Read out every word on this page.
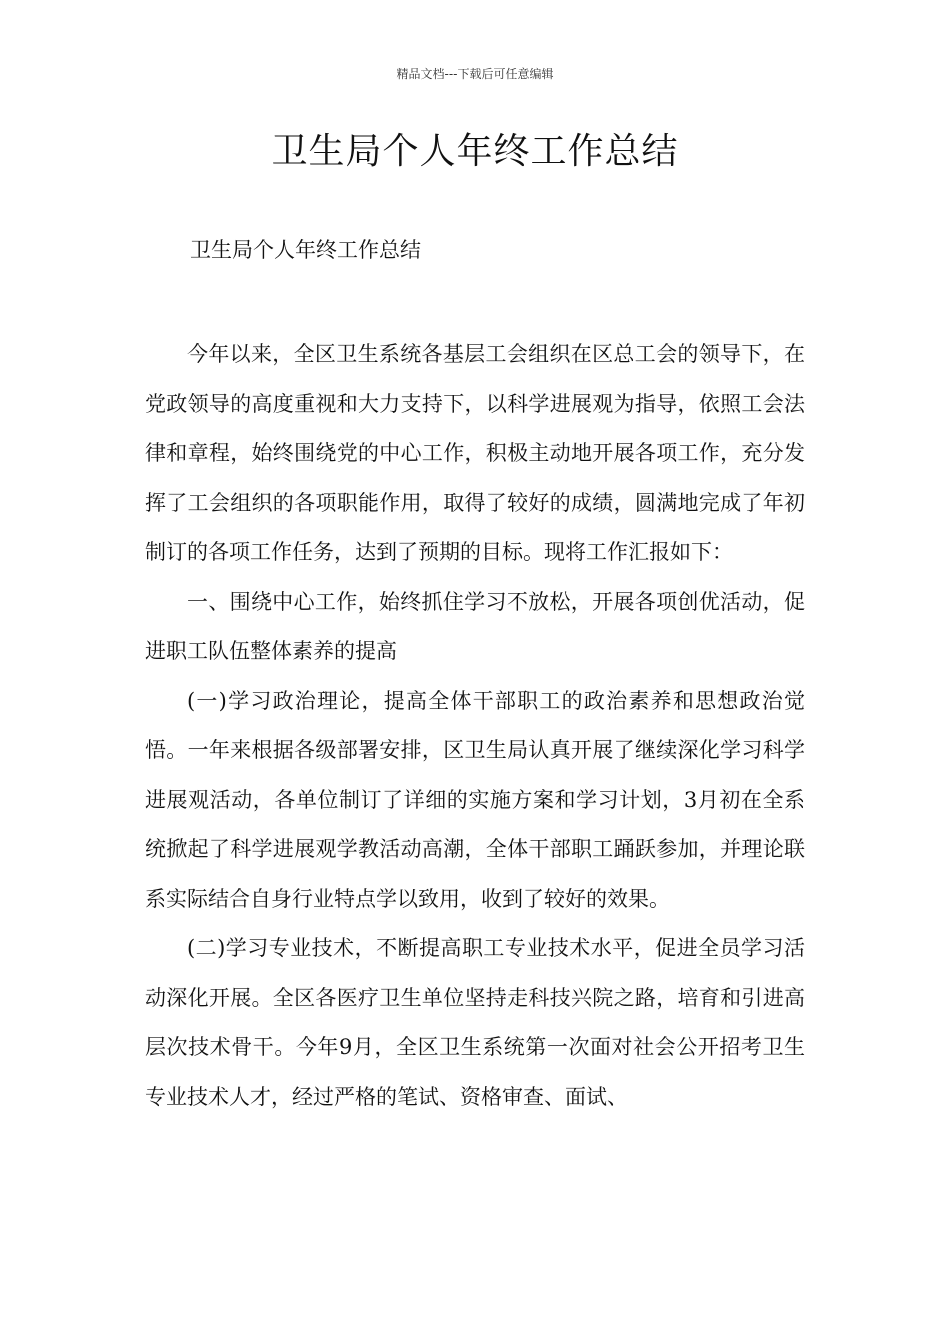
精品文档---下载后可任意编辑
卫生局个人年终工作总结
卫生局个人年终工作总结

今年以来，全区卫生系统各基层工会组织在区总工会的领导下，在党政领导的高度重视和大力支持下，以科学进展观为指导，依照工会法律和章程，始终围绕党的中心工作，积极主动地开展各项工作，充分发挥了工会组织的各项职能作用，取得了较好的成绩，圆满地完成了年初制订的各项工作任务，达到了预期的目标。现将工作汇报如下：

一、围绕中心工作，始终抓住学习不放松，开展各项创优活动，促进职工队伍整体素养的提高

(一)学习政治理论，提高全体干部职工的政治素养和思想政治觉悟。一年来根据各级部署安排，区卫生局认真开展了继续深化学习科学进展观活动，各单位制订了详细的实施方案和学习计划，3月初在全系统掀起了科学进展观学教活动高潮，全体干部职工踊跃参加，并理论联系实际结合自身行业特点学以致用，收到了较好的效果。

(二)学习专业技术，不断提高职工专业技术水平，促进全员学习活动深化开展。全区各医疗卫生单位坚持走科技兴院之路，培育和引进高层次技术骨干。今年9月，全区卫生系统第一次面对社会公开招考卫生专业技术人才，经过严格的笔试、资格审查、面试、
